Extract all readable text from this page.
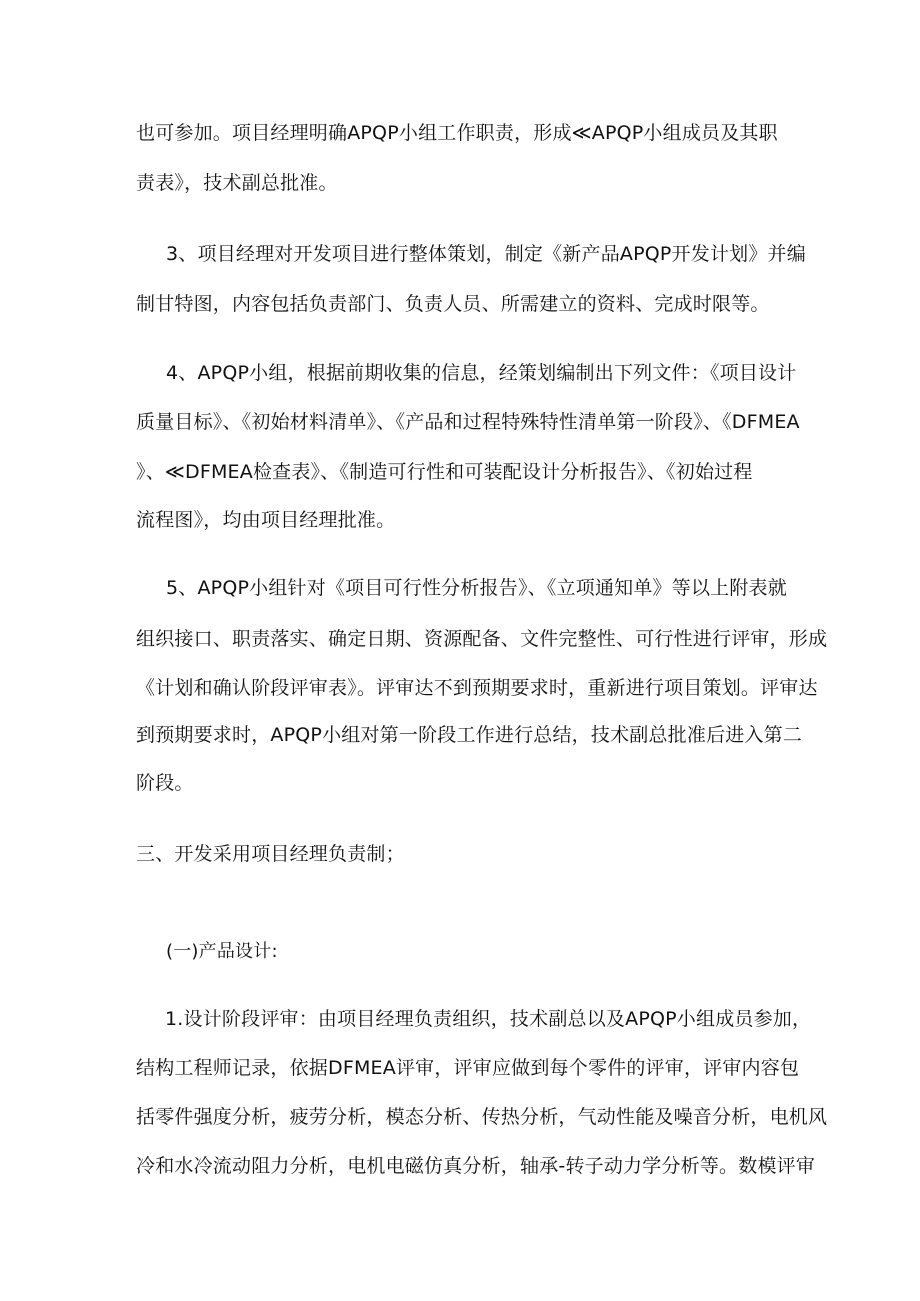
也可参加。项目经理明确APQP小组工作职责，形成≪APQP小组成员及其职
责表》，技术副总批准。
3、项目经理对开发项目进行整体策划，制定《新产品APQP开发计划》并编
制甘特图，内容包括负责部门、负责人员、所需建立的资料、完成时限等。
4、APQP小组，根据前期收集的信息，经策划编制出下列文件：《项目设计
质量目标》、《初始材料清单》、《产品和过程特殊特性清单第一阶段》、《DFMEA
》、≪DFMEA检查表》、《制造可行性和可装配设计分析报告》、《初始过程
流程图》，均由项目经理批准。
5、APQP小组针对《项目可行性分析报告》、《立项通知单》等以上附表就
组织接口、职责落实、确定日期、资源配备、文件完整性、可行性进行评审，形成
《计划和确认阶段评审表》。评审达不到预期要求时，重新进行项目策划。评审达
到预期要求时，APQP小组对第一阶段工作进行总结，技术副总批准后进入第二
阶段。
三、开发采用项目经理负责制；
(一)产品设计:
1.设计阶段评审：由项目经理负责组织，技术副总以及APQP小组成员参加，
结构工程师记录，依据DFMEA评审，评审应做到每个零件的评审，评审内容包
括零件强度分析，疲劳分析，模态分析、传热分析，气动性能及噪音分析，电机风
冷和水冷流动阻力分析，电机电磁仿真分析，轴承-转子动力学分析等。数模评审
